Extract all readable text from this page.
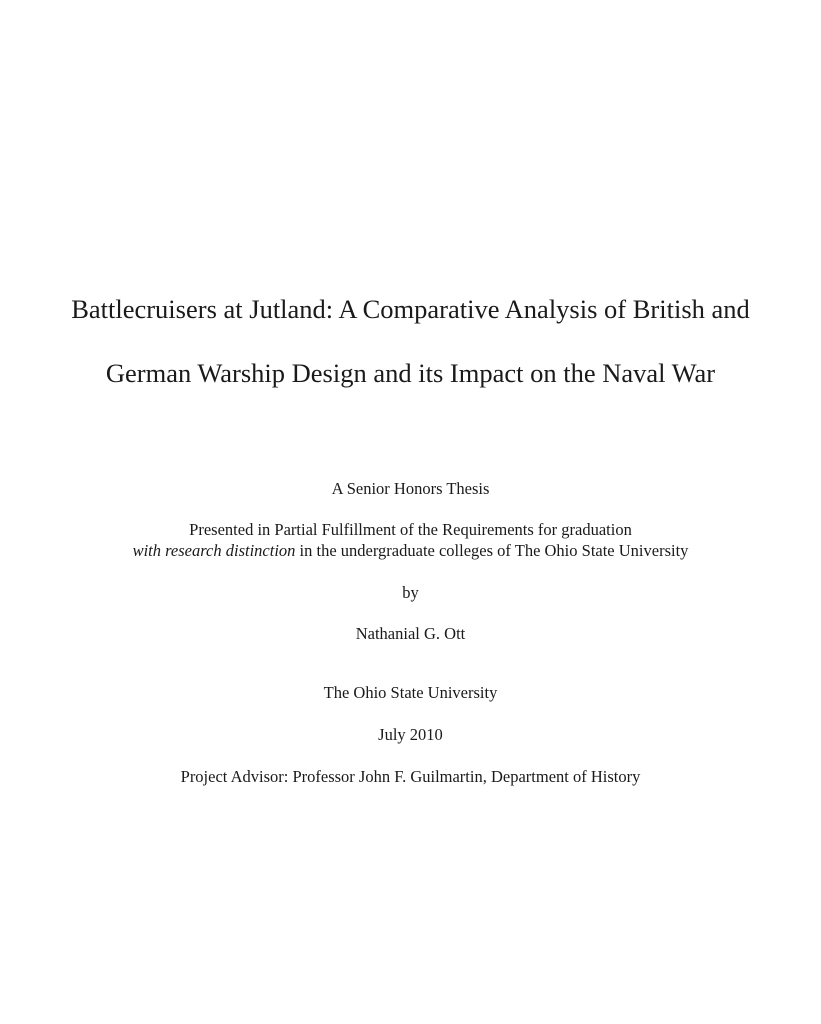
Battlecruisers at Jutland: A Comparative Analysis of British and
German Warship Design and its Impact on the Naval War
A Senior Honors Thesis
Presented in Partial Fulfillment of the Requirements for graduation
with research distinction in the undergraduate colleges of The Ohio State University
by
Nathanial G. Ott
The Ohio State University
July 2010
Project Advisor: Professor John F. Guilmartin, Department of History
